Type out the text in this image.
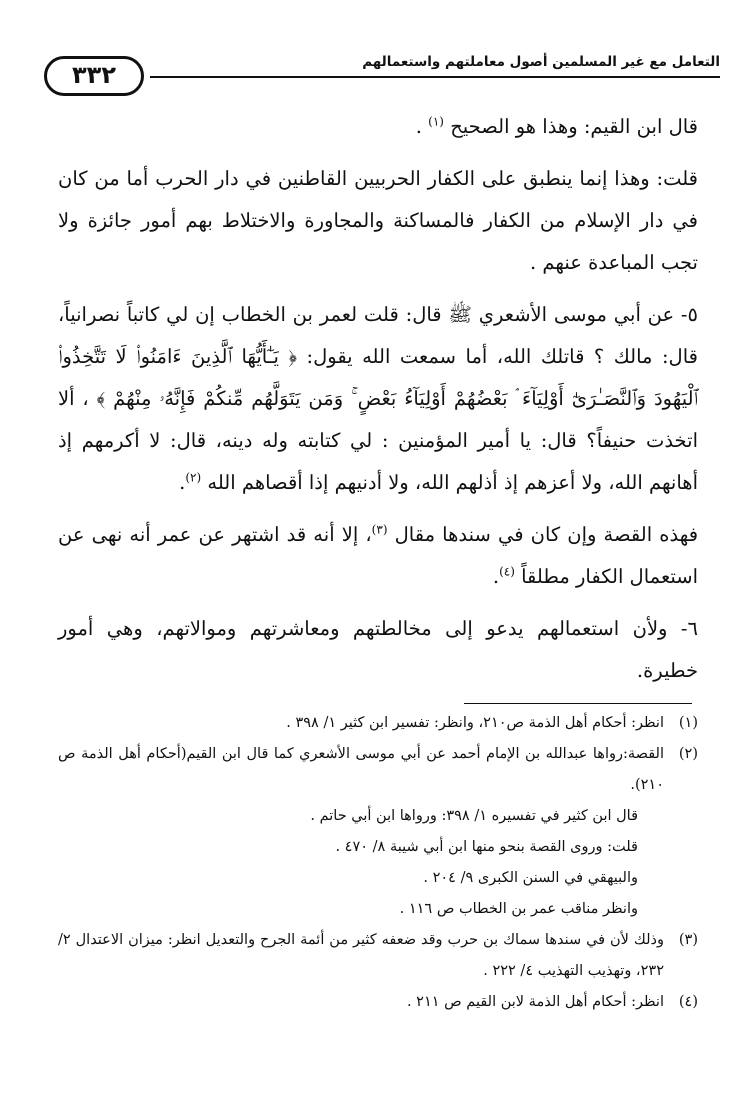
التعامل مع غير المسلمين أصول معاملتهم واستعمالهم
٣٣٢

قال ابن القيم: وهذا هو الصحيح $^{(١)}$ .

قلت: وهذا إنما ينطبق على الكفار الحربيين القاطنين في دار الحرب أما من كان في دار الإسلام من الكفار فالمساكنة والمجاورة والاختلاط بهم أمور جائزة ولا تجب المباعدة عنهم .

٥- عن أبي موسى الأشعري ﷺ قال: قلت لعمر بن الخطاب إن لي كاتباً نصرانياً، قال: مالك ؟ قاتلك الله، أما سمعت الله يقول: ﴿ يَـٰٓأَيُّهَا ٱلَّذِينَ ءَامَنُوا۟ لَا تَتَّخِذُوا۟ ٱلْيَهُودَ وَٱلنَّصَـٰرَىٰٓ أَوْلِيَآءَ ۘ بَعْضُهُمْ أَوْلِيَآءُ بَعْضٍ ۚ وَمَن يَتَوَلَّهُم مِّنكُمْ فَإِنَّهُۥ مِنْهُمْ ﴾ ، ألا اتخذت حنيفاً؟ قال: يا أمير المؤمنين : لي كتابته وله دينه، قال: لا أكرمهم إذ أهانهم الله، ولا أعزهم إذ أذلهم الله، ولا أدنيهم إذا أقصاهم الله $^{(٢)}$.

فهذه القصة وإن كان في سندها مقال $^{(٣)}$، إلا أنه قد اشتهر عن عمر أنه نهى عن استعمال الكفار مطلقاً $^{(٤)}$.

٦- ولأن استعمالهم يدعو إلى مخالطتهم ومعاشرتهم وموالاتهم، وهي أمور خطيرة.

(١)
انظر: أحكام أهل الذمة ص٢١٠، وانظر: تفسير ابن كثير ١/ ٣٩٨ .
(٢)
القصة:رواها عبدالله بن الإمام أحمد عن أبي موسى الأشعري كما قال ابن القيم(أحكام أهل الذمة ص ٢١٠).
قال ابن كثير في تفسيره ١/ ٣٩٨: ورواها ابن أبي حاتم .
قلت: وروى القصة بنحو منها ابن أبي شيبة ٨/ ٤٧٠ .
والبيهقي في السنن الكبرى ٩/ ٢٠٤ .
وانظر مناقب عمر بن الخطاب ص ١١٦ .
(٣)
وذلك لأن في سندها سماك بن حرب وقد ضعفه كثير من أئمة الجرح والتعديل انظر: ميزان الاعتدال ٢/ ٢٣٢، وتهذيب التهذيب ٤/ ٢٢٢ .
(٤)
انظر: أحكام أهل الذمة لابن القيم ص ٢١١ .
